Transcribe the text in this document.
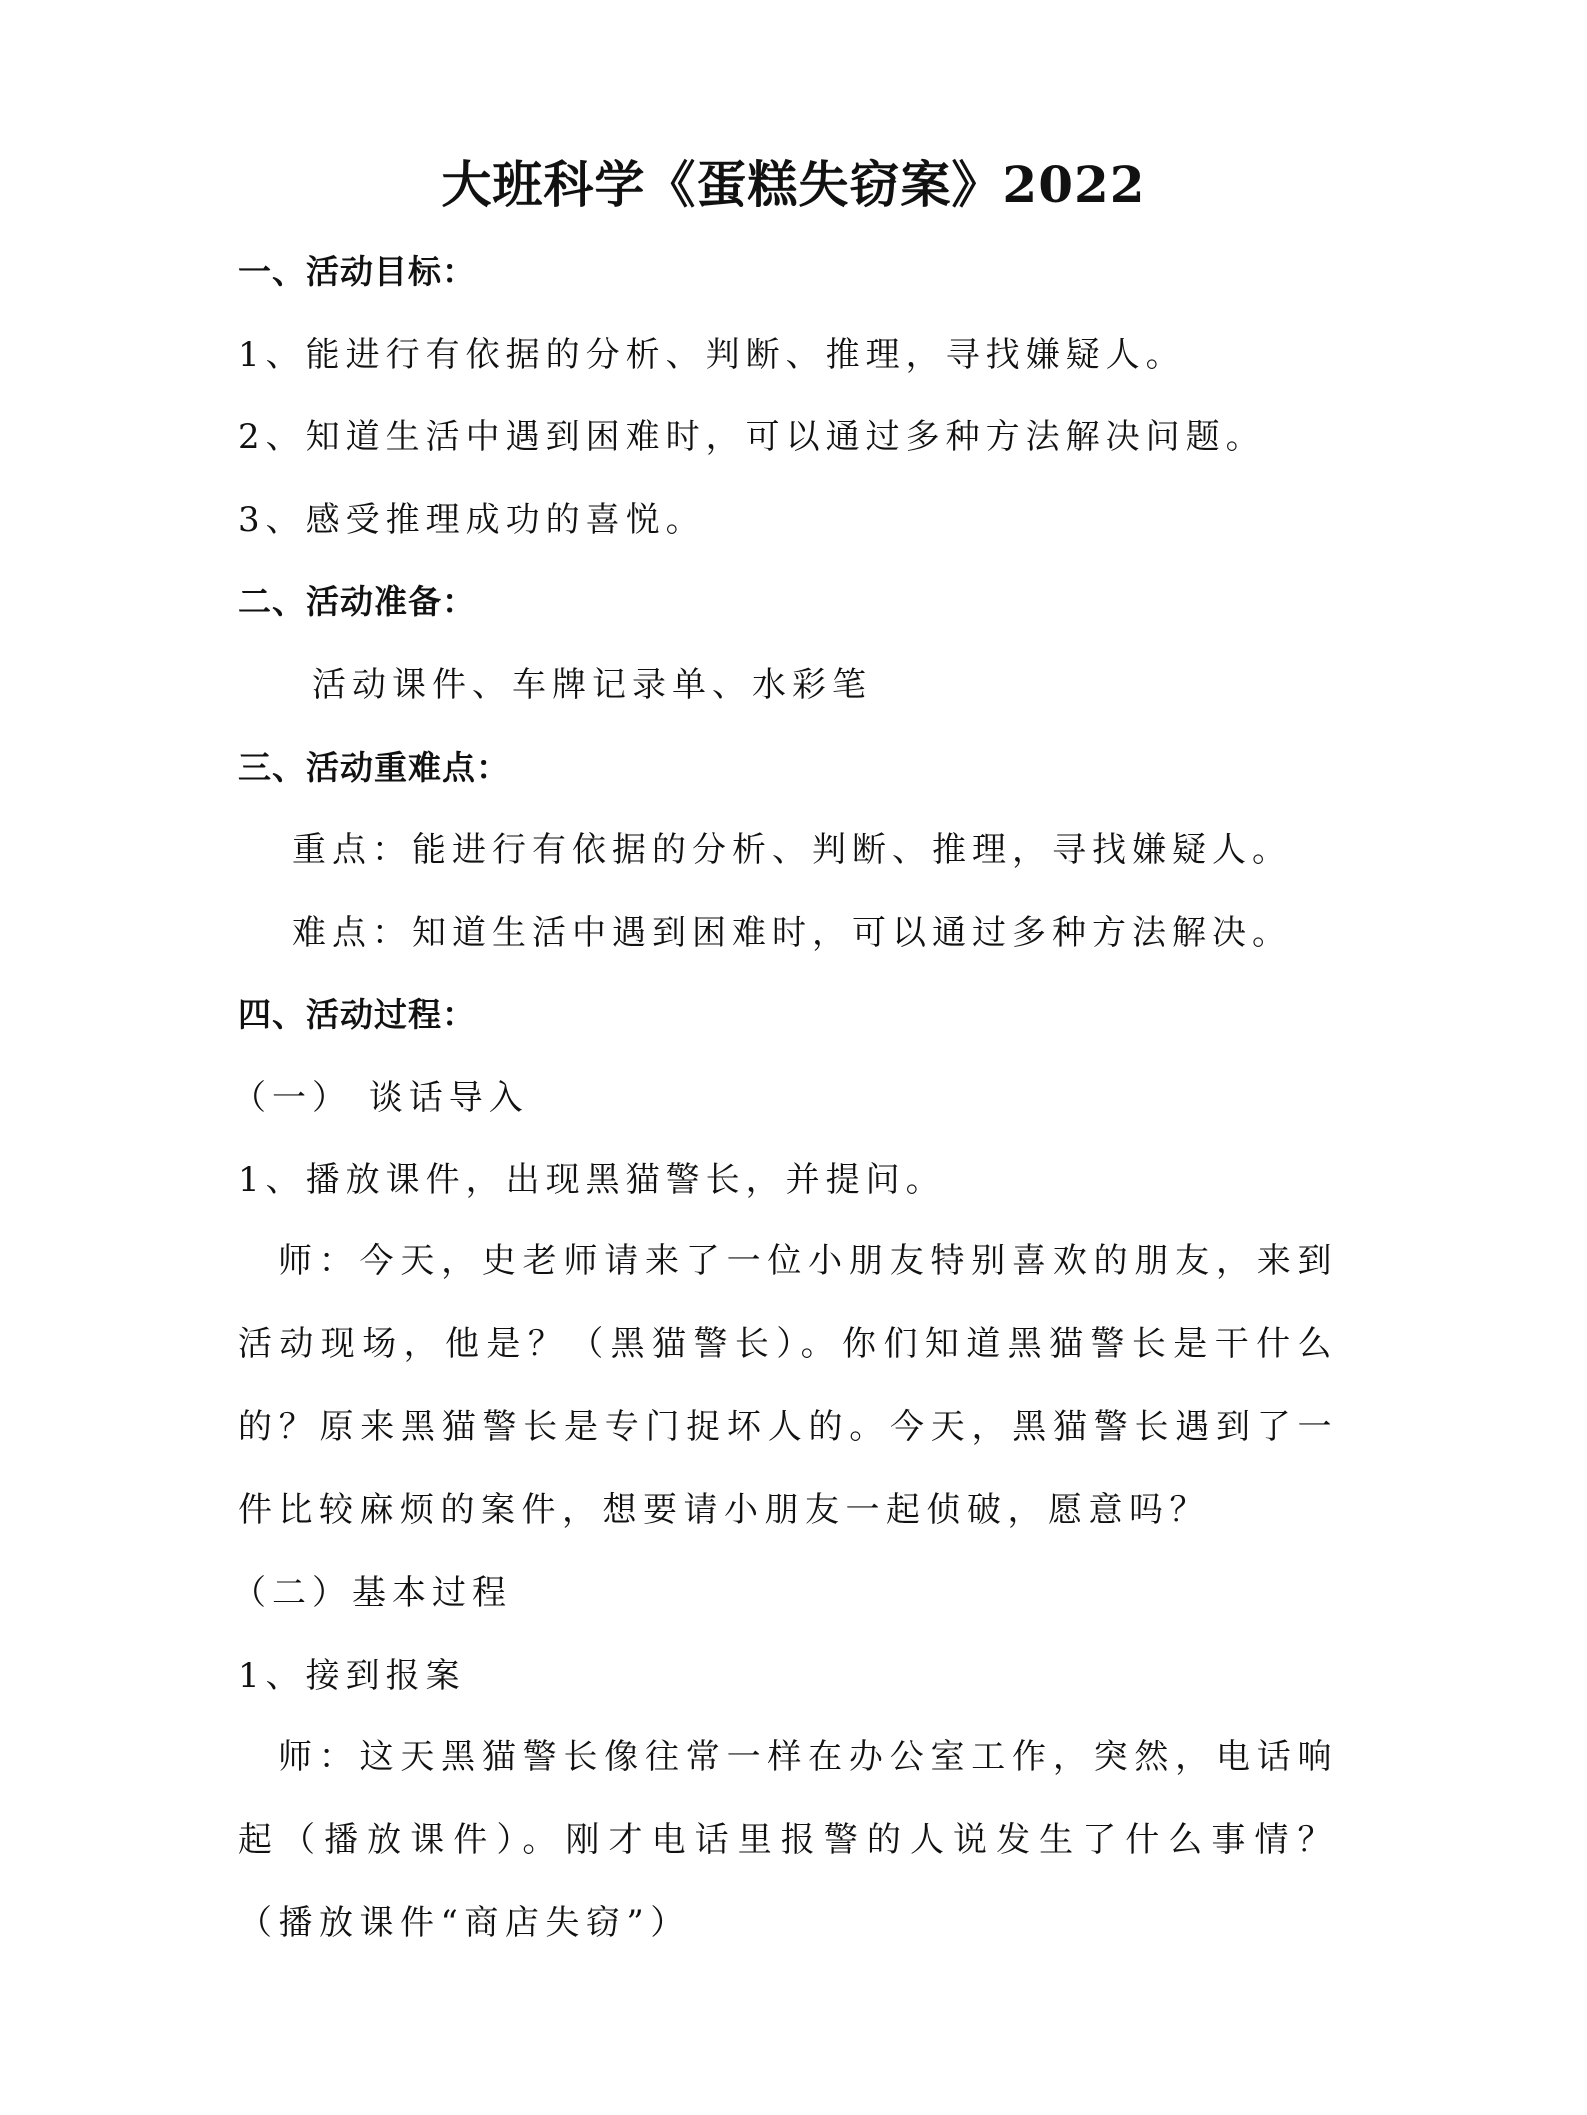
大班科学《蛋糕失窃案》2022
一、活动目标：
1、能进行有依据的分析、判断、推理，寻找嫌疑人。
2、知道生活中遇到困难时，可以通过多种方法解决问题。
3、感受推理成功的喜悦。
二、活动准备：
活动课件、车牌记录单、水彩笔
三、活动重难点：
重点：能进行有依据的分析、判断、推理，寻找嫌疑人。
难点：知道生活中遇到困难时，可以通过多种方法解决。
四、活动过程：
（一） 谈话导入
1、播放课件，出现黑猫警长，并提问。
师：今天，史老师请来了一位小朋友特别喜欢的朋友，来到活动现场，他是？（黑猫警长）。你们知道黑猫警长是干什么的？原来黑猫警长是专门捉坏人的。今天，黑猫警长遇到了一件比较麻烦的案件，想要请小朋友一起侦破，愿意吗？
（二）基本过程
1、接到报案
师：这天黑猫警长像往常一样在办公室工作，突然，电话响起（播放课件）。刚才电话里报警的人说发生了什么事情？（播放课件“商店失窃”）
